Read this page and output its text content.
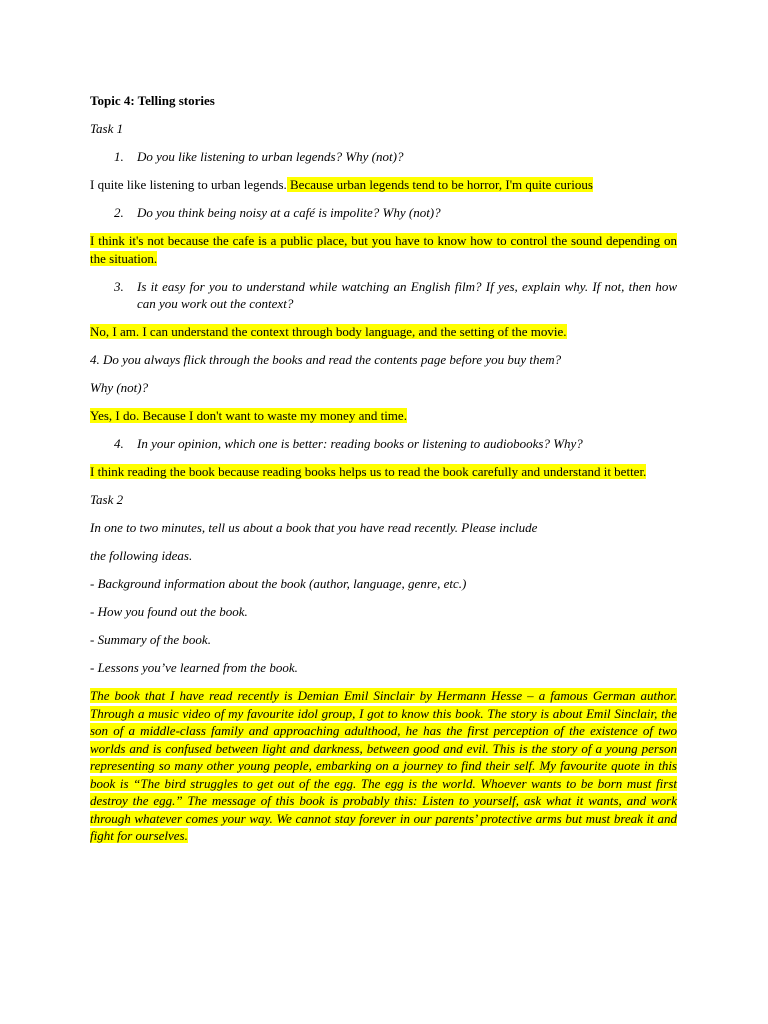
Topic 4: Telling stories

Task 1

1.	Do you like listening to urban legends? Why (not)?

I quite like listening to urban legends. Because urban legends tend to be horror, I'm quite curious

2.	Do you think being noisy at a café is impolite? Why (not)?

I think it's not because the cafe is a public place, but you have to know how to control the sound depending on the situation.

3.	Is it easy for you to understand while watching an English film? If yes, explain why. If not, then how can you work out the context?

No, I am. I can understand the context through body language, and the setting of the movie.

4. Do you always flick through the books and read the contents page before you buy them?

Why (not)?

Yes, I do. Because I don't want to waste my money and time.

4.	In your opinion, which one is better: reading books or listening to audiobooks? Why?

I think reading the book because reading books helps us to read the book carefully and understand it better.

Task 2

In one to two minutes, tell us about a book that you have read recently. Please include

the following ideas.

- Background information about the book (author, language, genre, etc.)

- How you found out the book.

- Summary of the book.

- Lessons you’ve learned from the book.

The book that I have read recently is Demian Emil Sinclair by Hermann Hesse – a famous German author. Through a music video of my favourite idol group, I got to know this book. The story is about Emil Sinclair, the son of a middle-class family and approaching adulthood, he has the first perception of the existence of two worlds and is confused between light and darkness, between good and evil. This is the story of a young person representing so many other young people, embarking on a journey to find their self. My favourite quote in this book is “The bird struggles to get out of the egg. The egg is the world. Whoever wants to be born must first destroy the egg.” The message of this book is probably this: Listen to yourself, ask what it wants, and work through whatever comes your way. We cannot stay forever in our parents’ protective arms but must break it and fight for ourselves.
